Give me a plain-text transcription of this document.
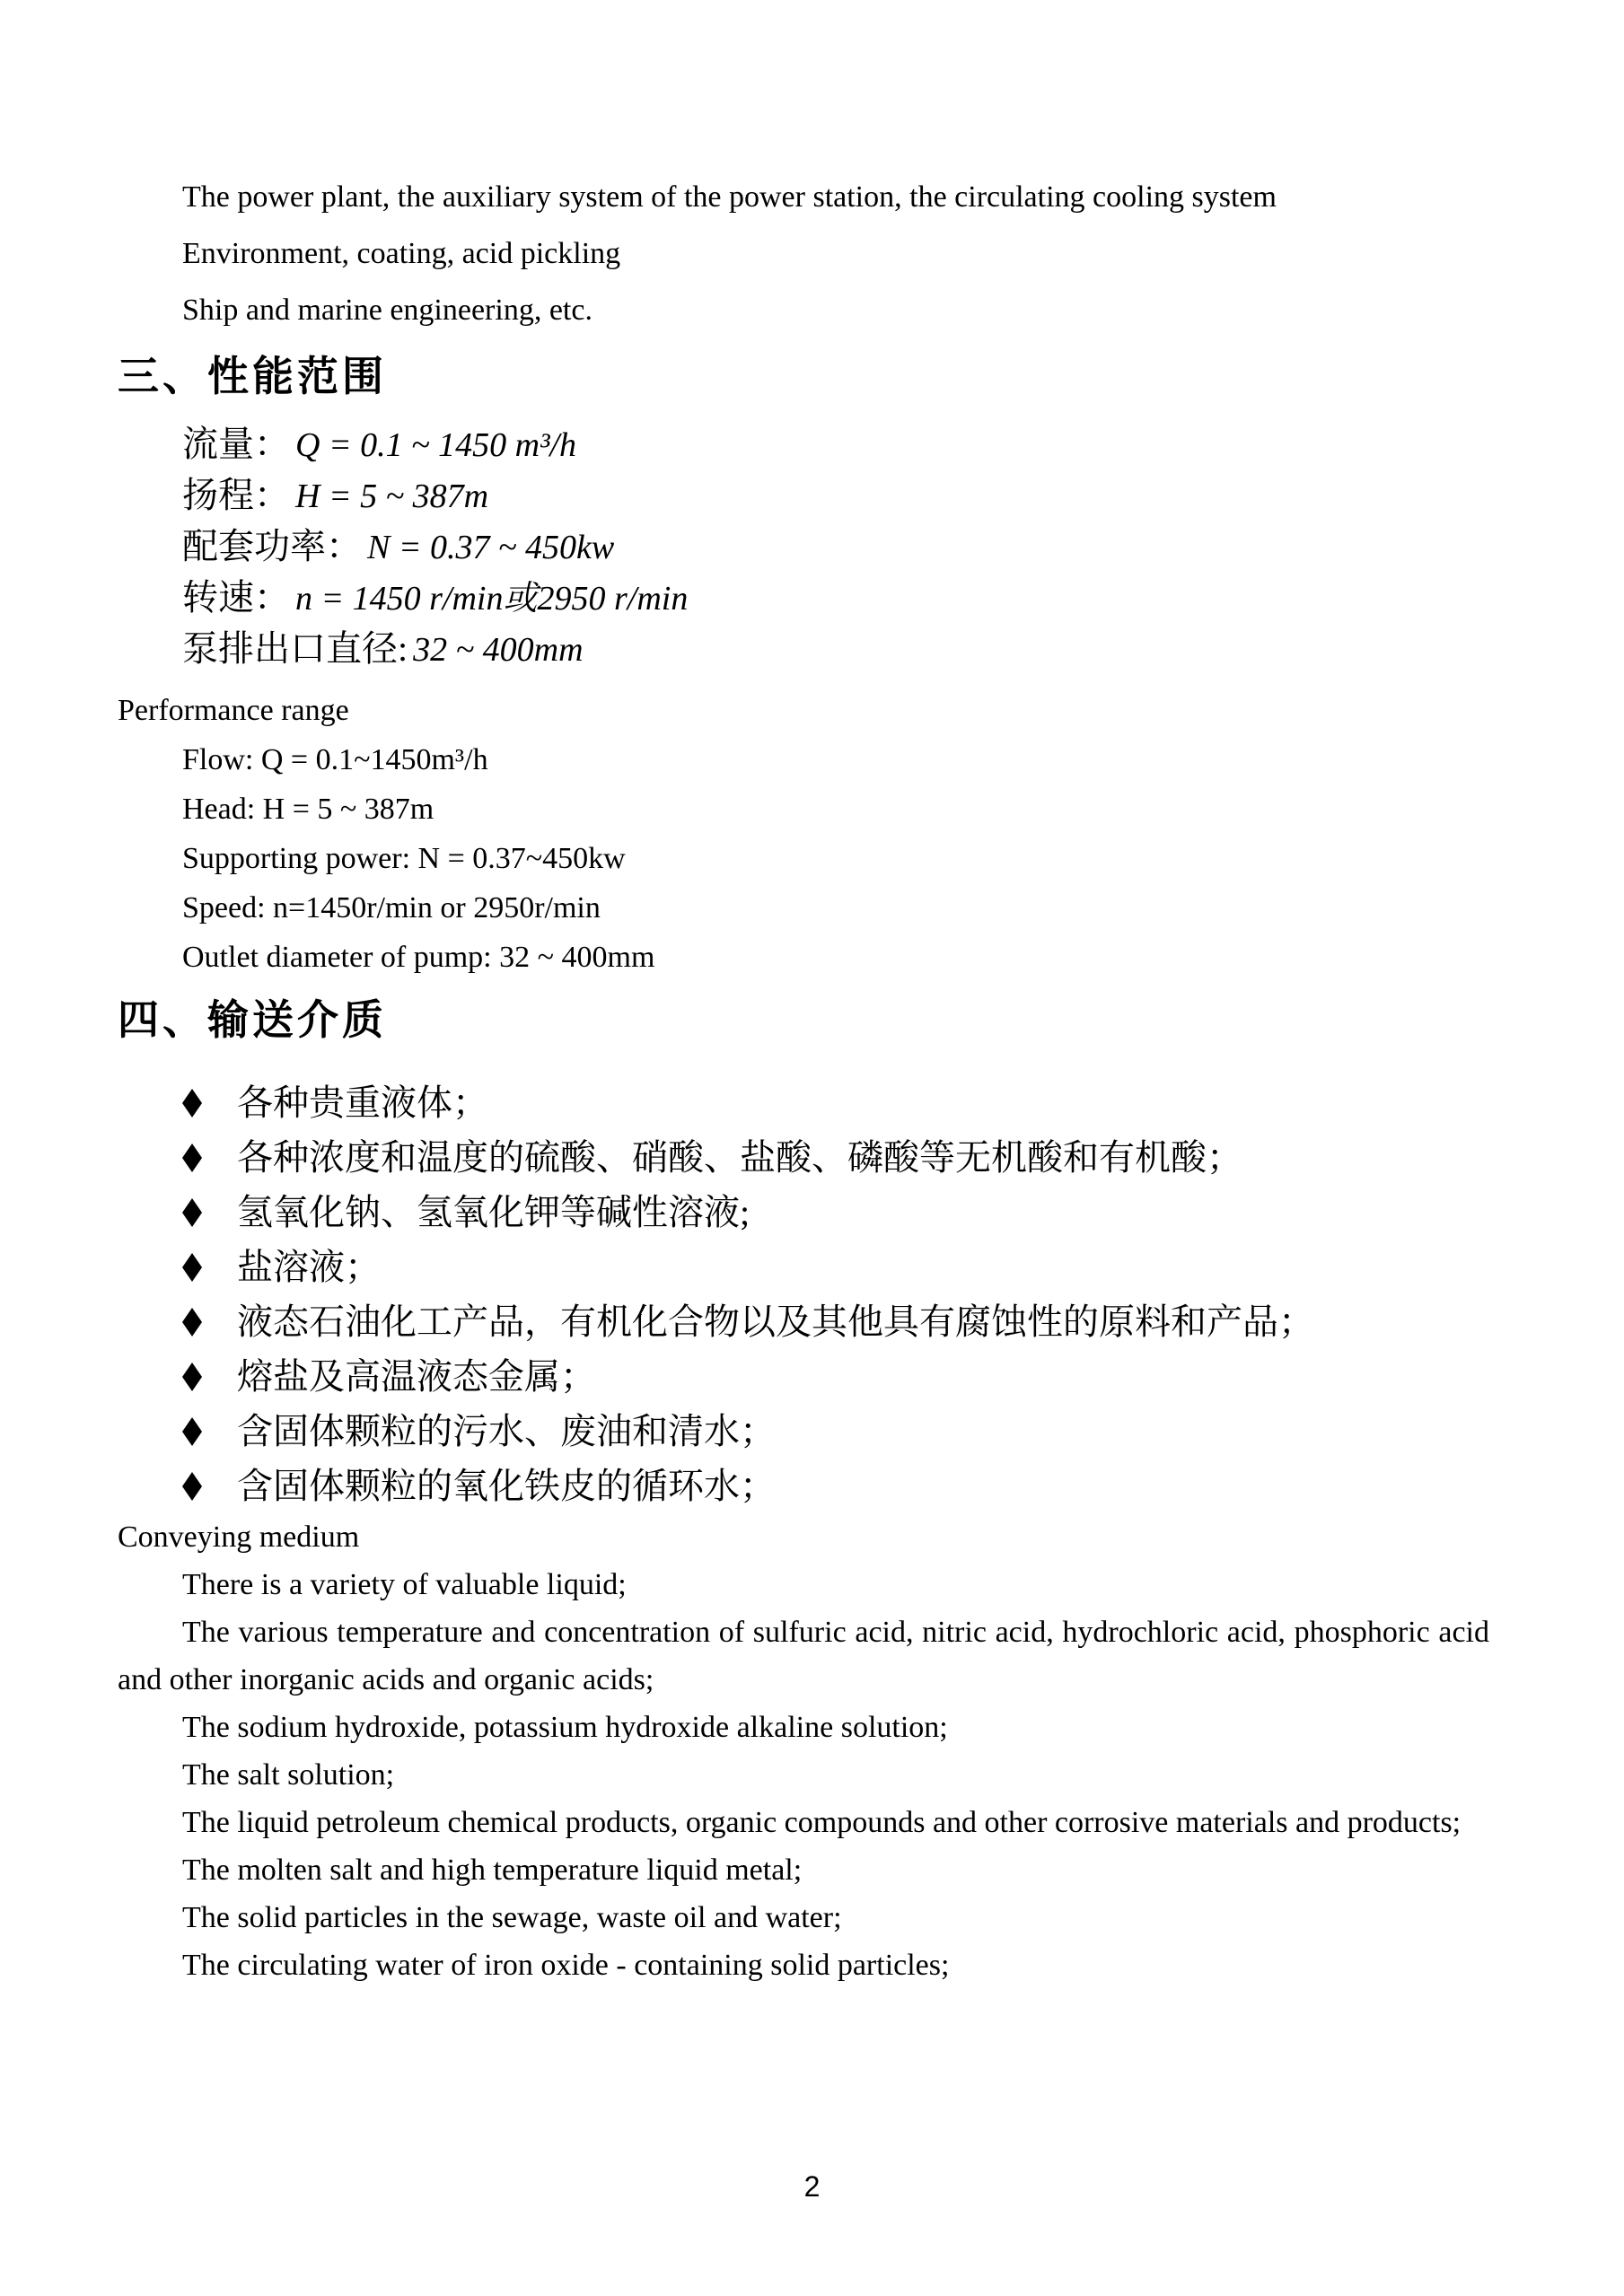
The power plant, the auxiliary system of the power station, the circulating cooling system

Environment, coating, acid pickling

Ship and marine engineering, etc.

三、性能范围

流量： Q = 0.1 ~ 1450 m³/h

扬程： H = 5 ~ 387m

配套功率： N = 0.37 ~ 450kw

转速： n = 1450 r/min或2950 r/min

泵排出口直径: 32 ~ 400mm

Performance range

Flow: Q = 0.1~1450m³/h

Head: H = 5 ~ 387m

Supporting power: N = 0.37~450kw

Speed: n=1450r/min or 2950r/min

Outlet diameter of pump: 32 ~ 400mm

四、输送介质
各种贵重液体；
各种浓度和温度的硫酸、硝酸、盐酸、磷酸等无机酸和有机酸；
氢氧化钠、氢氧化钾等碱性溶液;
盐溶液；
液态石油化工产品，有机化合物以及其他具有腐蚀性的原料和产品；
熔盐及高温液态金属；
含固体颗粒的污水、废油和清水；
含固体颗粒的氧化铁皮的循环水；

Conveying medium

There is a variety of valuable liquid;

The various temperature and concentration of sulfuric acid, nitric acid, hydrochloric acid, phosphoric acid and other inorganic acids and organic acids;

The sodium hydroxide, potassium hydroxide alkaline solution;

The salt solution;

The liquid petroleum chemical products, organic compounds and other corrosive materials and products;

The molten salt and high temperature liquid metal;

The solid particles in the sewage, waste oil and water;

The circulating water of iron oxide - containing solid particles;

2
